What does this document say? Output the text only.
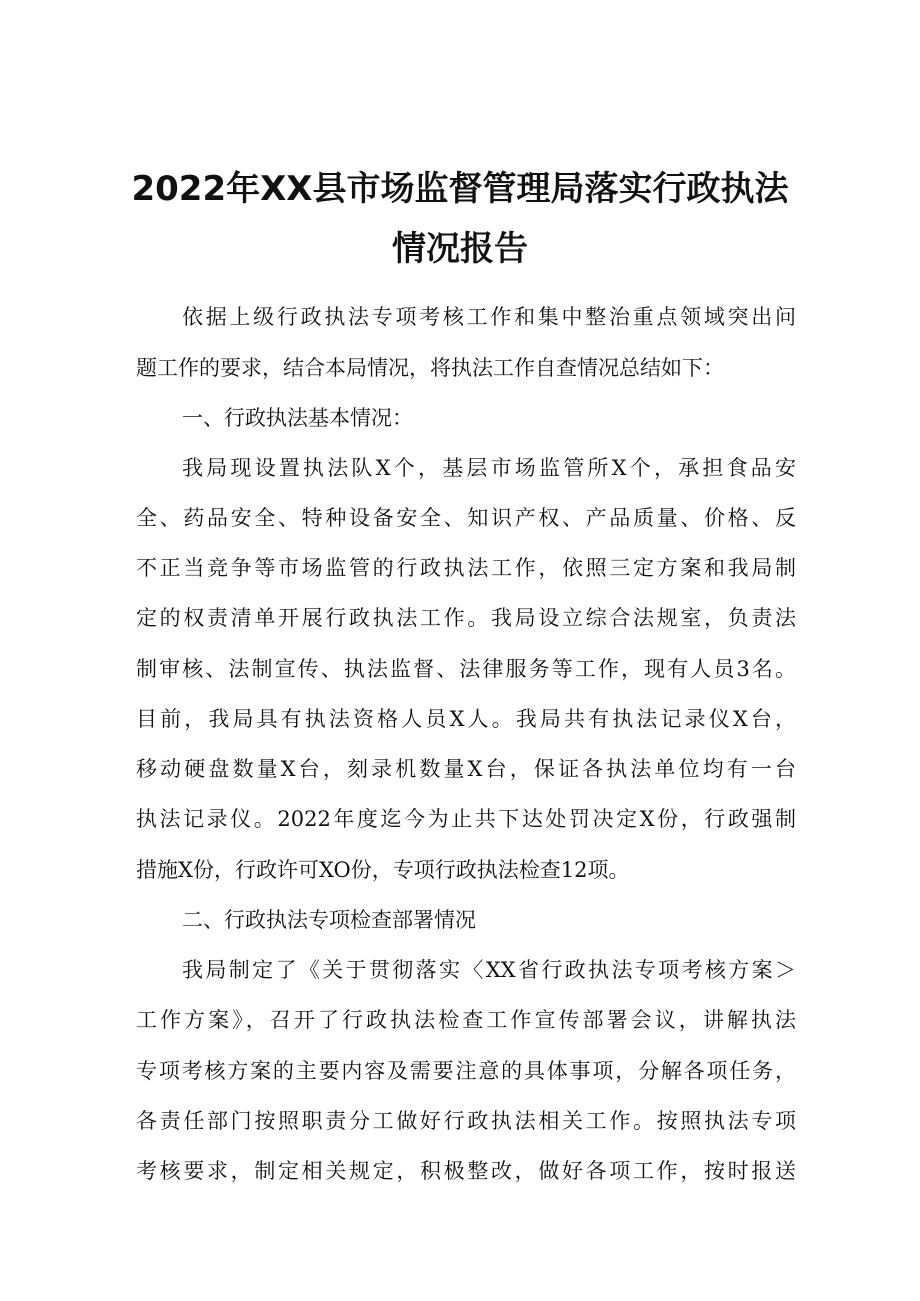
2022年XX县市场监督管理局落实行政执法
情况报告
依据上级行政执法专项考核工作和集中整治重点领域突出问
题工作的要求，结合本局情况，将执法工作自查情况总结如下：
一、行政执法基本情况：
我局现设置执法队X个，基层市场监管所X个，承担食品安
全、药品安全、特种设备安全、知识产权、产品质量、价格、反
不正当竞争等市场监管的行政执法工作，依照三定方案和我局制
定的权责清单开展行政执法工作。我局设立综合法规室，负责法
制审核、法制宣传、执法监督、法律服务等工作，现有人员3名。
目前，我局具有执法资格人员X人。我局共有执法记录仪X台，
移动硬盘数量X台，刻录机数量X台，保证各执法单位均有一台
执法记录仪。2022年度迄今为止共下达处罚决定X份，行政强制
措施X份，行政许可XO份，专项行政执法检查12项。
二、行政执法专项检查部署情况
我局制定了《关于贯彻落实〈XX省行政执法专项考核方案＞
工作方案》，召开了行政执法检查工作宣传部署会议，讲解执法
专项考核方案的主要内容及需要注意的具体事项，分解各项任务，
各责任部门按照职责分工做好行政执法相关工作。按照执法专项
考核要求，制定相关规定，积极整改，做好各项工作，按时报送
